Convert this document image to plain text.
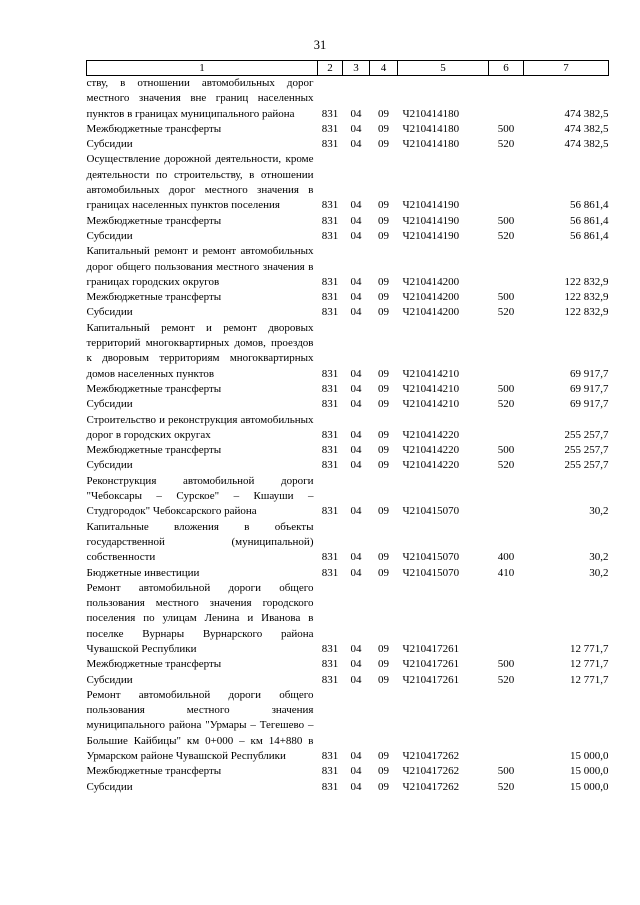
31
1	2	3	4	5	6	7
ству, в отношении автомобильных дорог местного значения вне границ населенных пунктов в границах муниципального района	831	04	09	Ч210414180		474 382,5
Межбюджетные трансферты	831	04	09	Ч210414180	500	474 382,5
Субсидии	831	04	09	Ч210414180	520	474 382,5
Осуществление дорожной деятельности, кроме деятельности по строительству, в отношении автомобильных дорог местного значения в границах населенных пунктов поселения	831	04	09	Ч210414190		56 861,4
Межбюджетные трансферты	831	04	09	Ч210414190	500	56 861,4
Субсидии	831	04	09	Ч210414190	520	56 861,4
Капитальный ремонт и ремонт автомобильных дорог общего пользования местного значения в границах городских округов	831	04	09	Ч210414200		122 832,9
Межбюджетные трансферты	831	04	09	Ч210414200	500	122 832,9
Субсидии	831	04	09	Ч210414200	520	122 832,9
Капитальный ремонт и ремонт дворовых территорий многоквартирных домов, проездов к дворовым территориям многоквартирных домов населенных пунктов	831	04	09	Ч210414210		69 917,7
Межбюджетные трансферты	831	04	09	Ч210414210	500	69 917,7
Субсидии	831	04	09	Ч210414210	520	69 917,7
Строительство и реконструкция автомобильных дорог в городских округах	831	04	09	Ч210414220		255 257,7
Межбюджетные трансферты	831	04	09	Ч210414220	500	255 257,7
Субсидии	831	04	09	Ч210414220	520	255 257,7
Реконструкция автомобильной дороги "Чебоксары – Сурское" – Кшауши – Студгородок" Чебоксарского района	831	04	09	Ч210415070		30,2
Капитальные вложения в объекты государственной (муниципальной) собственности	831	04	09	Ч210415070	400	30,2
Бюджетные инвестиции	831	04	09	Ч210415070	410	30,2
Ремонт автомобильной дороги общего пользования местного значения городского поселения по улицам Ленина и Иванова в поселке Вурнары Вурнарского района Чувашской Республики	831	04	09	Ч210417261		12 771,7
Межбюджетные трансферты	831	04	09	Ч210417261	500	12 771,7
Субсидии	831	04	09	Ч210417261	520	12 771,7
Ремонт автомобильной дороги общего пользования местного значения муниципального района "Урмары – Тегешево – Большие Кайбицы" км 0+000 – км 14+880 в Урмарском районе Чувашской Республики	831	04	09	Ч210417262		15 000,0
Межбюджетные трансферты	831	04	09	Ч210417262	500	15 000,0
Субсидии	831	04	09	Ч210417262	520	15 000,0
